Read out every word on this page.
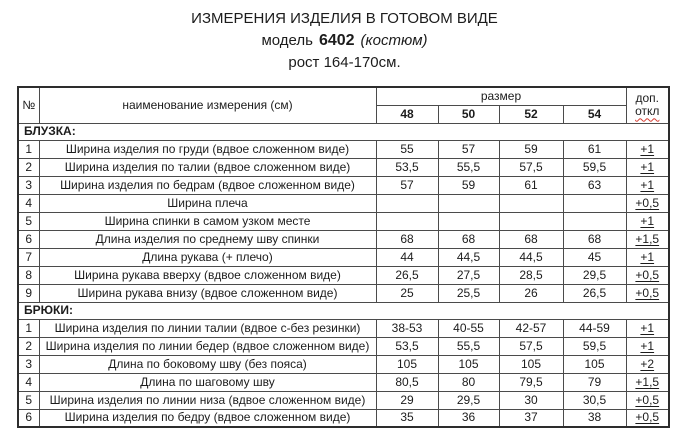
ИЗМЕРЕНИЯ ИЗДЕЛИЯ В ГОТОВОМ ВИДЕ
модель 6402 (костюм)
рост 164-170см.
№	наименование измерения (см)	размер				доп.
откл

		48	50	52	54	
БЛУЗКА:						
1	Ширина изделия по груди (вдвое сложенном виде)	55	57	59	61	+1
2	Ширина изделия по талии (вдвое сложенном виде)	53,5	55,5	57,5	59,5	+1
3	Ширина изделия по бедрам (вдвое сложенном виде)	57	59	61	63	+1
4	Ширина плеча					+0,5
5	Ширина спинки в самом узком месте					+1
6	Длина изделия по среднему шву спинки	68	68	68	68	+1,5
7	Длина рукава (+ плечо)	44	44,5	44,5	45	+1
8	Ширина рукава вверху (вдвое сложенном виде)	26,5	27,5	28,5	29,5	+0,5
9	Ширина рукава внизу (вдвое сложенном виде)	25	25,5	26	26,5	+0,5
БРЮКИ:						
1	Ширина изделия по линии талии (вдвое с-без резинки)	38-53	40-55	42-57	44-59	+1
2	Ширина изделия по линии бедер (вдвое сложенном виде)	53,5	55,5	57,5	59,5	+1
3	Длина по боковому шву (без пояса)	105	105	105	105	+2
4	Длина по шаговому шву	80,5	80	79,5	79	+1,5
5	Ширина изделия по линии низа (вдвое сложенном виде)	29	29,5	30	30,5	+0,5
6	Ширина изделия по бедру (вдвое сложенном виде)	35	36	37	38	+0,5
